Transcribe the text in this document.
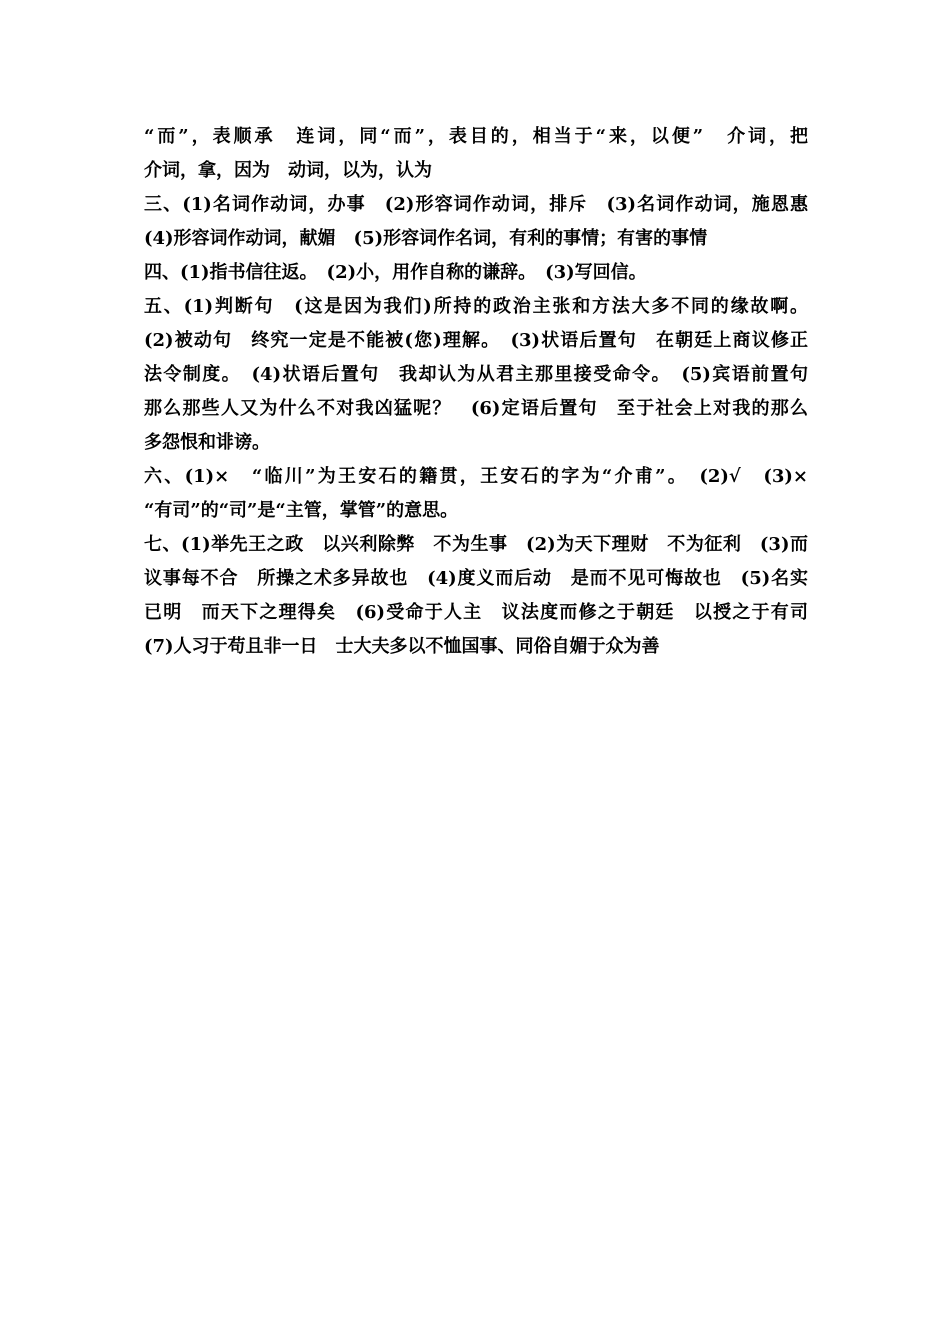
“而”，表顺承　连词，同“而”，表目的，相当于“来，以便”　介词，把
介词，拿，因为　动词，以为，认为
三、(1)名词作动词，办事　(2)形容词作动词，排斥　(3)名词作动词，施恩惠
(4)形容词作动词，献媚　(5)形容词作名词，有利的事情；有害的事情
四、(1)指书信往返。　(2)小，用作自称的谦辞。　(3)写回信。
五、(1)判断句　(这是因为我们)所持的政治主张和方法大多不同的缘故啊。
(2)被动句　终究一定是不能被(您)理解。　(3)状语后置句　在朝廷上商议修正
法令制度。　(4)状语后置句　我却认为从君主那里接受命令。　(5)宾语前置句
那么那些人又为什么不对我凶猛呢？　(6)定语后置句　至于社会上对我的那么
多怨恨和诽谤。
六、(1)×　“临川”为王安石的籍贯，王安石的字为“介甫”。　(2)√　(3)×
“有司”的“司”是“主管，掌管”的意思。
七、(1)举先王之政　以兴利除弊　不为生事　(2)为天下理财　不为征利　(3)而
议事每不合　所操之术多异故也　(4)度义而后动　是而不见可悔故也　(5)名实
已明　而天下之理得矣　(6)受命于人主　议法度而修之于朝廷　以授之于有司
(7)人习于苟且非一日　士大夫多以不恤国事、同俗自媚于众为善
